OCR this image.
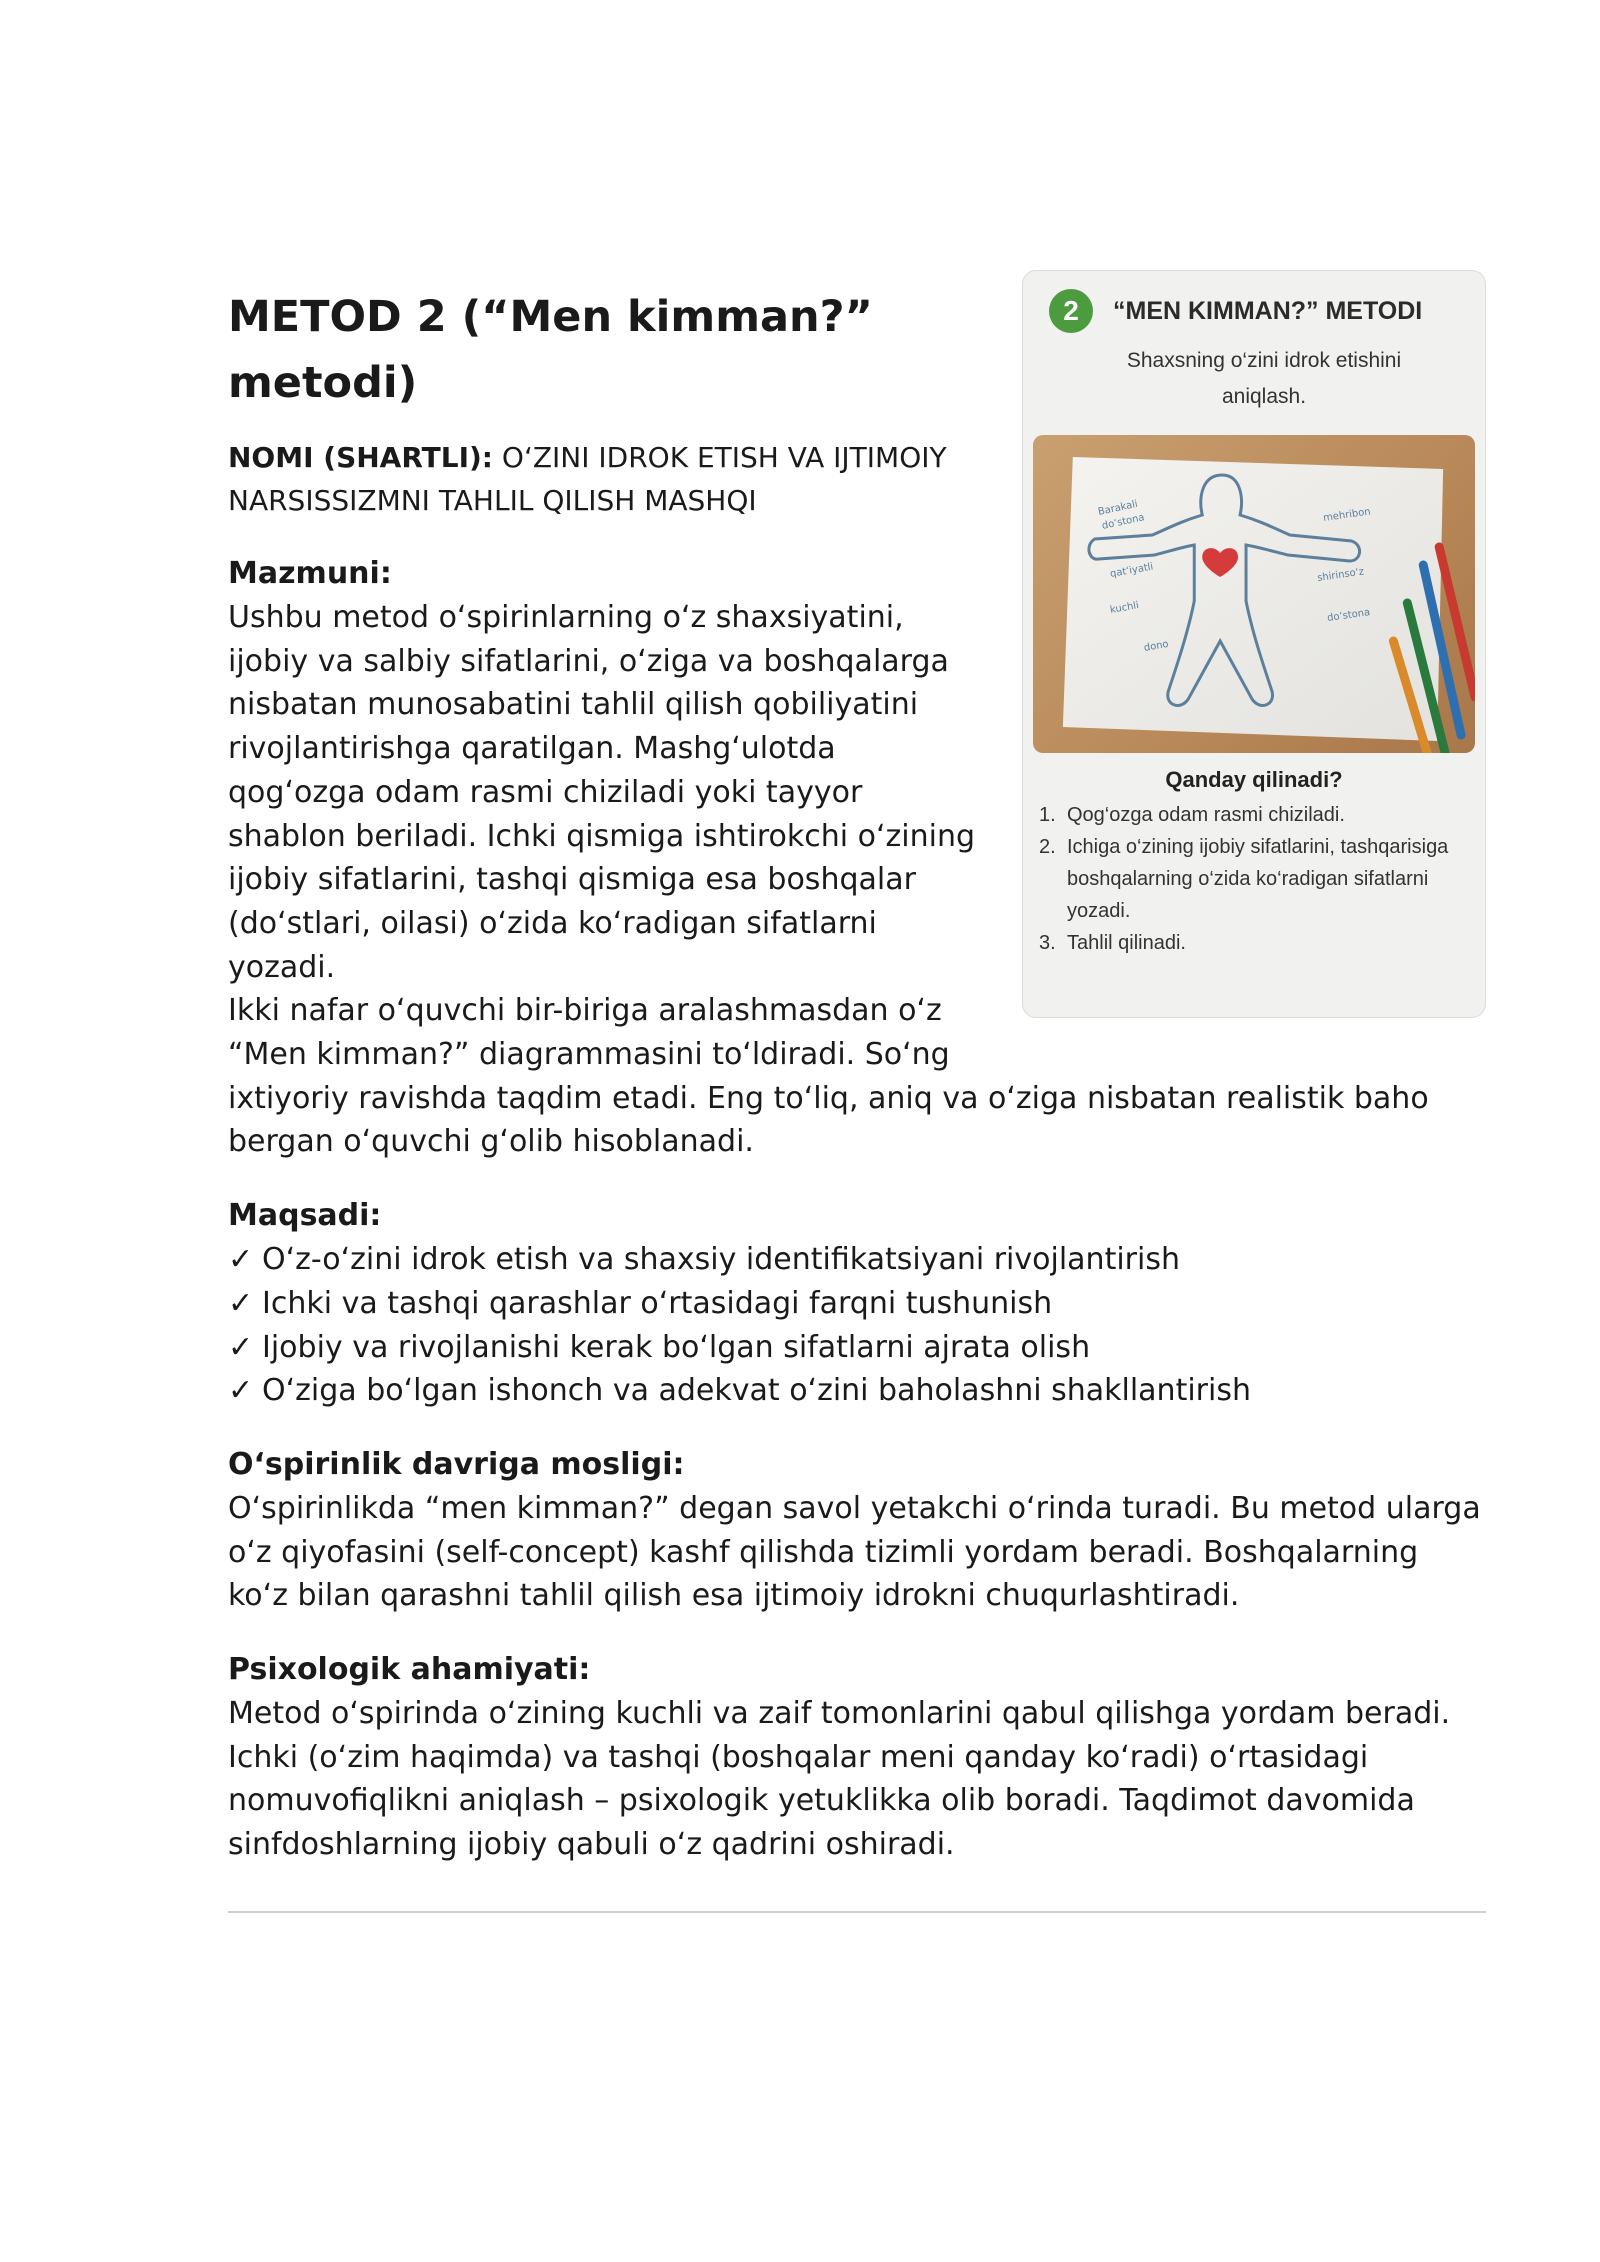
2	“MEN KIMMAN?” METODI
Shaxsning o‘zini idrok etishini aniqlash.
Barakali
do‘stona
qat‘iyatli
kuchli
mehribon
shirinso‘z
do‘stona
dono
Qanday qilinadi?
1. Qog‘ozga odam rasmi chiziladi.
2. Ichiga o‘zining ijobiy sifatlarini, tashqarisiga boshqalarning o‘zida ko‘radigan sifatlarni yozadi.
3. Tahlil qilinadi.
METOD 2 (“Men kimman?” metodi)

NOMI (SHARTLI): O‘ZINI IDROK ETISH VA IJTIMOIY NARSISSIZMNI TAHLIL QILISH MASHQI

Mazmuni:

Ushbu metod o‘spirinlarning o‘z shaxsiyatini, ijobiy va salbiy sifatlarini, o‘ziga va boshqalarga nisbatan munosabatini tahlil qilish qobiliyatini rivojlantirishga qaratilgan. Mashg‘ulotda qog‘ozga odam rasmi chiziladi yoki tayyor shablon beriladi. Ichki qismiga ishtirokchi o‘zining ijobiy sifatlarini, tashqi qismiga esa boshqalar (do‘stlari, oilasi) o‘zida ko‘radigan sifatlarni yozadi.

Ikki nafar o‘quvchi bir-biriga aralashmasdan o‘z “Men kimman?” diagrammasini to‘ldiradi. So‘ng ixtiyoriy ravishda taqdim etadi. Eng to‘liq, aniq va o‘ziga nisbatan realistik baho bergan o‘quvchi g‘olib hisoblanadi.

Maqsadi:
✓ O‘z-o‘zini idrok etish va shaxsiy identifikatsiyani rivojlantirish
✓ Ichki va tashqi qarashlar o‘rtasidagi farqni tushunish
✓ Ijobiy va rivojlanishi kerak bo‘lgan sifatlarni ajrata olish
✓ O‘ziga bo‘lgan ishonch va adekvat o‘zini baholashni shakllantirish
O‘spirinlik davriga mosligi:

O‘spirinlikda “men kimman?” degan savol yetakchi o‘rinda turadi. Bu metod ularga o‘z qiyofasini (self-concept) kashf qilishda tizimli yordam beradi. Boshqalarning ko‘z bilan qarashni tahlil qilish esa ijtimoiy idrokni chuqurlashtiradi.

Psixologik ahamiyati:

Metod o‘spirinda o‘zining kuchli va zaif tomonlarini qabul qilishga yordam beradi. Ichki (o‘zim haqimda) va tashqi (boshqalar meni qanday ko‘radi) o‘rtasidagi nomuvofiqlikni aniqlash – psixologik yetuklikka olib boradi. Taqdimot davomida sinfdoshlarning ijobiy qabuli o‘z qadrini oshiradi.
